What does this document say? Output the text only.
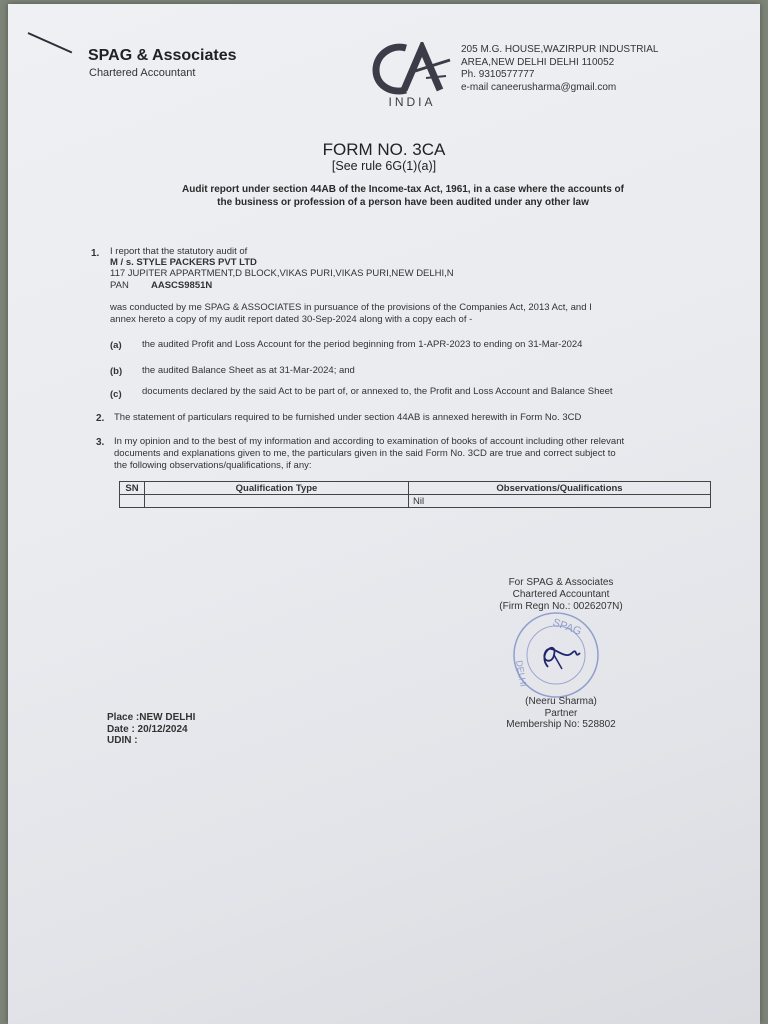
SPAG & Associates
Chartered Accountant
INDIA
205 M.G. HOUSE,WAZIRPUR INDUSTRIAL
AREA,NEW DELHI DELHI 110052
Ph. 9310577777
e-mail caneerusharma@gmail.com
FORM NO. 3CA
[See rule 6G(1)(a)]
Audit report under section 44AB of the Income-tax Act, 1961, in a case where the accounts of
the business or profession of a person have been audited under any other law
1. I report that the statutory audit of
M / s. STYLE PACKERS PVT LTD
117 JUPITER APPARTMENT,D BLOCK,VIKAS PURI,VIKAS PURI,NEW DELHI,N
PAN AASCS9851N
was conducted by me SPAG & ASSOCIATES in pursuance of the provisions of the Companies Act, 2013 Act, and I
annex hereto a copy of my audit report dated 30-Sep-2024 along with a copy each of -
(a) the audited Profit and Loss Account for the period beginning from 1-APR-2023 to ending on 31-Mar-2024
(b) the audited Balance Sheet as at 31-Mar-2024; and
(c) documents declared by the said Act to be part of, or annexed to, the Profit and Loss Account and Balance Sheet
2. The statement of particulars required to be furnished under section 44AB is annexed herewith in Form No. 3CD
3. In my opinion and to the best of my information and according to examination of books of account including other relevant
documents and explanations given to me, the particulars given in the said Form No. 3CD are true and correct subject to
the following observations/qualifications, if any:
SN	Qualification Type	Observations/Qualifications
		Nil
For SPAG & Associates
Chartered Accountant
(Firm Regn No.: 0026207N)
SPAG
DELHI
(Neeru Sharma)
Partner
Membership No: 528802
Place :NEW DELHI
Date : 20/12/2024
UDIN :
